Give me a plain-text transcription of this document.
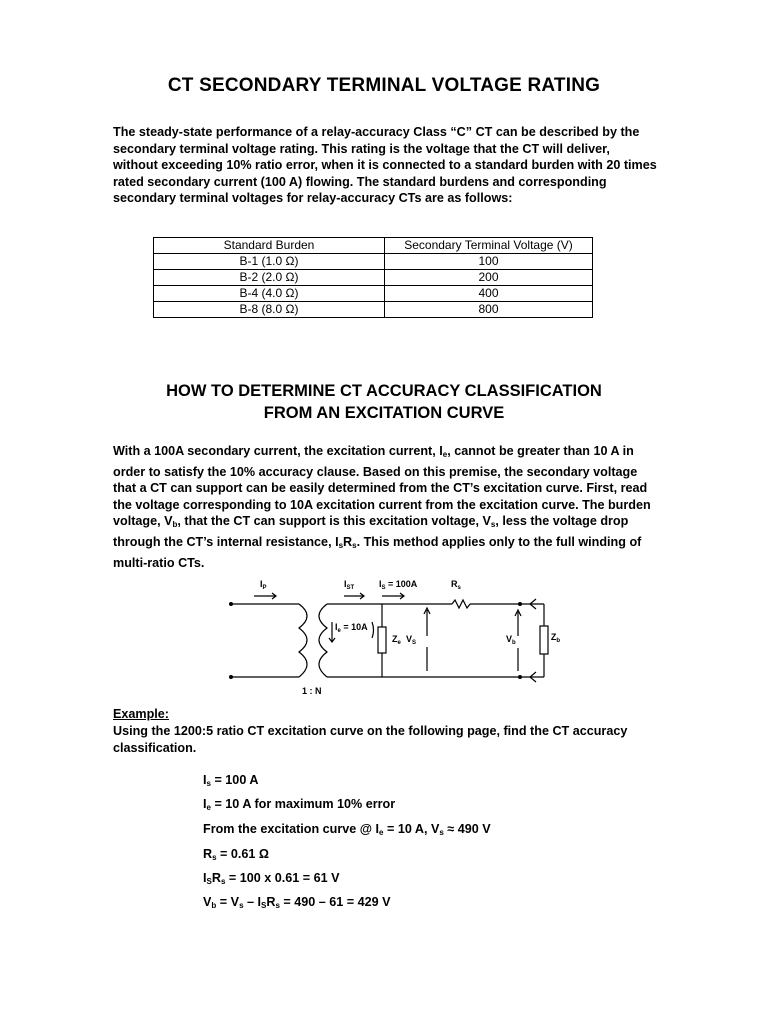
CT SECONDARY TERMINAL VOLTAGE RATING

The steady-state performance of a relay-accuracy Class “C” CT can be described by the secondary terminal voltage rating. This rating is the voltage that the CT will deliver, without exceeding 10% ratio error, when it is connected to a standard burden with 20 times rated secondary current (100 A) flowing. The standard burdens and corresponding secondary terminal voltages for relay-accuracy CTs are as follows:

Standard Burden	Secondary Terminal Voltage (V)
B-1 (1.0 Ω)	100
B-2 (2.0 Ω)	200
B-4 (4.0 Ω)	400
B-8 (8.0 Ω)	800
HOW TO DETERMINE CT ACCURACY CLASSIFICATION
FROM AN EXCITATION CURVE

With a 100A secondary current, the excitation current, $I_e$, cannot be greater than 10 A in order to satisfy the 10% accuracy clause. Based on this premise, the secondary voltage that a CT can support can be easily determined from the CT’s excitation curve. First, read the voltage corresponding to 10A excitation current from the excitation curve. The burden voltage, $V_b$, that the CT can support is this excitation voltage, $V_s$, less the voltage drop through the CT’s internal resistance, $I_sR_s$. This method applies only to the full winding of multi-ratio CTs.

$I_P$	$I_{ST}$	$I_S = 100A$	$R_s$
$I_e = 10A$
$Z_e$ $V_S$	$V_b$
$Z_b$
1 : N

Example:

Using the 1200:5 ratio CT excitation curve on the following page, find the CT accuracy classification.

$I_s = 100$ A

$I_e = 10$ A for maximum 10% error

From the excitation curve @ $I_e = 10$ A, $V_s \approx 490$ V

$R_s = 0.61$ Ω

$I_SR_s = 100$ x 0.61 = 61 V

$V_b = V_s - I_SR_s = 490 - 61 = 429$ V
